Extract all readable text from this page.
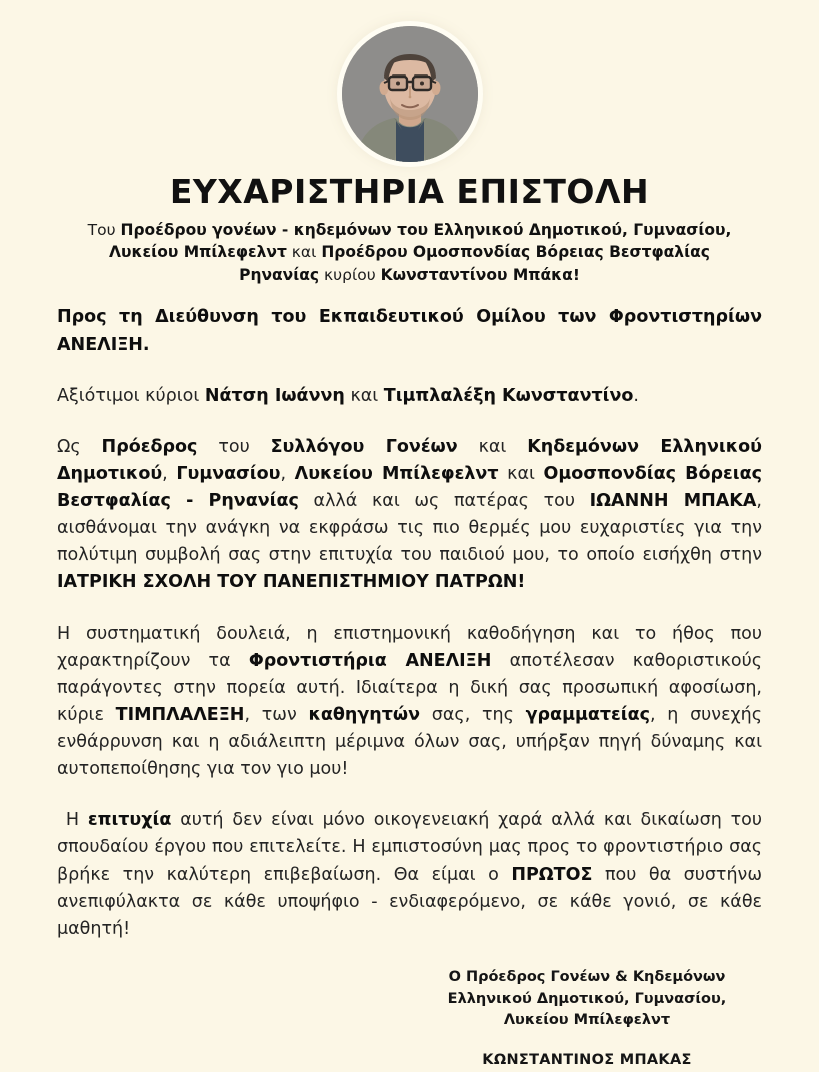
ΕΥΧΑΡΙΣΤΗΡΙΑ ΕΠΙΣΤΟΛΗ
Του Προέδρου γονέων - κηδεμόνων του Ελληνικού Δημοτικού, Γυμνασίου, Λυκείου Μπίλεφελντ και Προέδρου Ομοσπονδίας Βόρειας Βεστφαλίας Ρηνανίας κυρίου Κωνσταντίνου Μπάκα!

Προς τη Διεύθυνση του Εκπαιδευτικού Ομίλου των Φροντιστηρίων ΑΝΕΛΙΞΗ.

Αξιότιμοι κύριοι Νάτση Ιωάννη και Τιμπλαλέξη Κωνσταντίνο.

Ως Πρόεδρος του Συλλόγου Γονέων και Κηδεμόνων Ελληνικού Δημοτικού, Γυμνασίου, Λυκείου Μπίλεφελντ και Ομοσπονδίας Βόρειας Βεστφαλίας - Ρηνανίας αλλά και ως πατέρας του ΙΩΑΝΝΗ ΜΠΑΚΑ, αισθάνομαι την ανάγκη να εκφράσω τις πιο θερμές μου ευχαριστίες για την πολύτιμη συμβολή σας στην επιτυχία του παιδιού μου, το οποίο εισήχθη στην ΙΑΤΡΙΚΗ ΣΧΟΛΗ ΤΟΥ ΠΑΝΕΠΙΣΤΗΜΙΟΥ ΠΑΤΡΩΝ!

Η συστηματική δουλειά, η επιστημονική καθοδήγηση και το ήθος που χαρακτηρίζουν τα Φροντιστήρια ΑΝΕΛΙΞΗ αποτέλεσαν καθοριστικούς παράγοντες στην πορεία αυτή. Ιδιαίτερα η δική σας προσωπική αφοσίωση, κύριε ΤΙΜΠΛΑΛΕΞΗ, των καθηγητών σας, της γραμματείας, η συνεχής ενθάρρυνση και η αδιάλειπτη μέριμνα όλων σας, υπήρξαν πηγή δύναμης και αυτοπεποίθησης για τον γιο μου!

Η επιτυχία αυτή δεν είναι μόνο οικογενειακή χαρά αλλά και δικαίωση του σπουδαίου έργου που επιτελείτε. Η εμπιστοσύνη μας προς το φροντιστήριο σας βρήκε την καλύτερη επιβεβαίωση. Θα είμαι ο ΠΡΩΤΟΣ που θα συστήνω ανεπιφύλακτα σε κάθε υποψήφιο - ενδιαφερόμενο, σε κάθε γονιό, σε κάθε μαθητή!

Ο Πρόεδρος Γονέων & Κηδεμόνων
Ελληνικού Δημοτικού, Γυμνασίου,
Λυκείου Μπίλεφελντ
ΚΩΝΣΤΑΝΤΙΝΟΣ ΜΠΑΚΑΣ
